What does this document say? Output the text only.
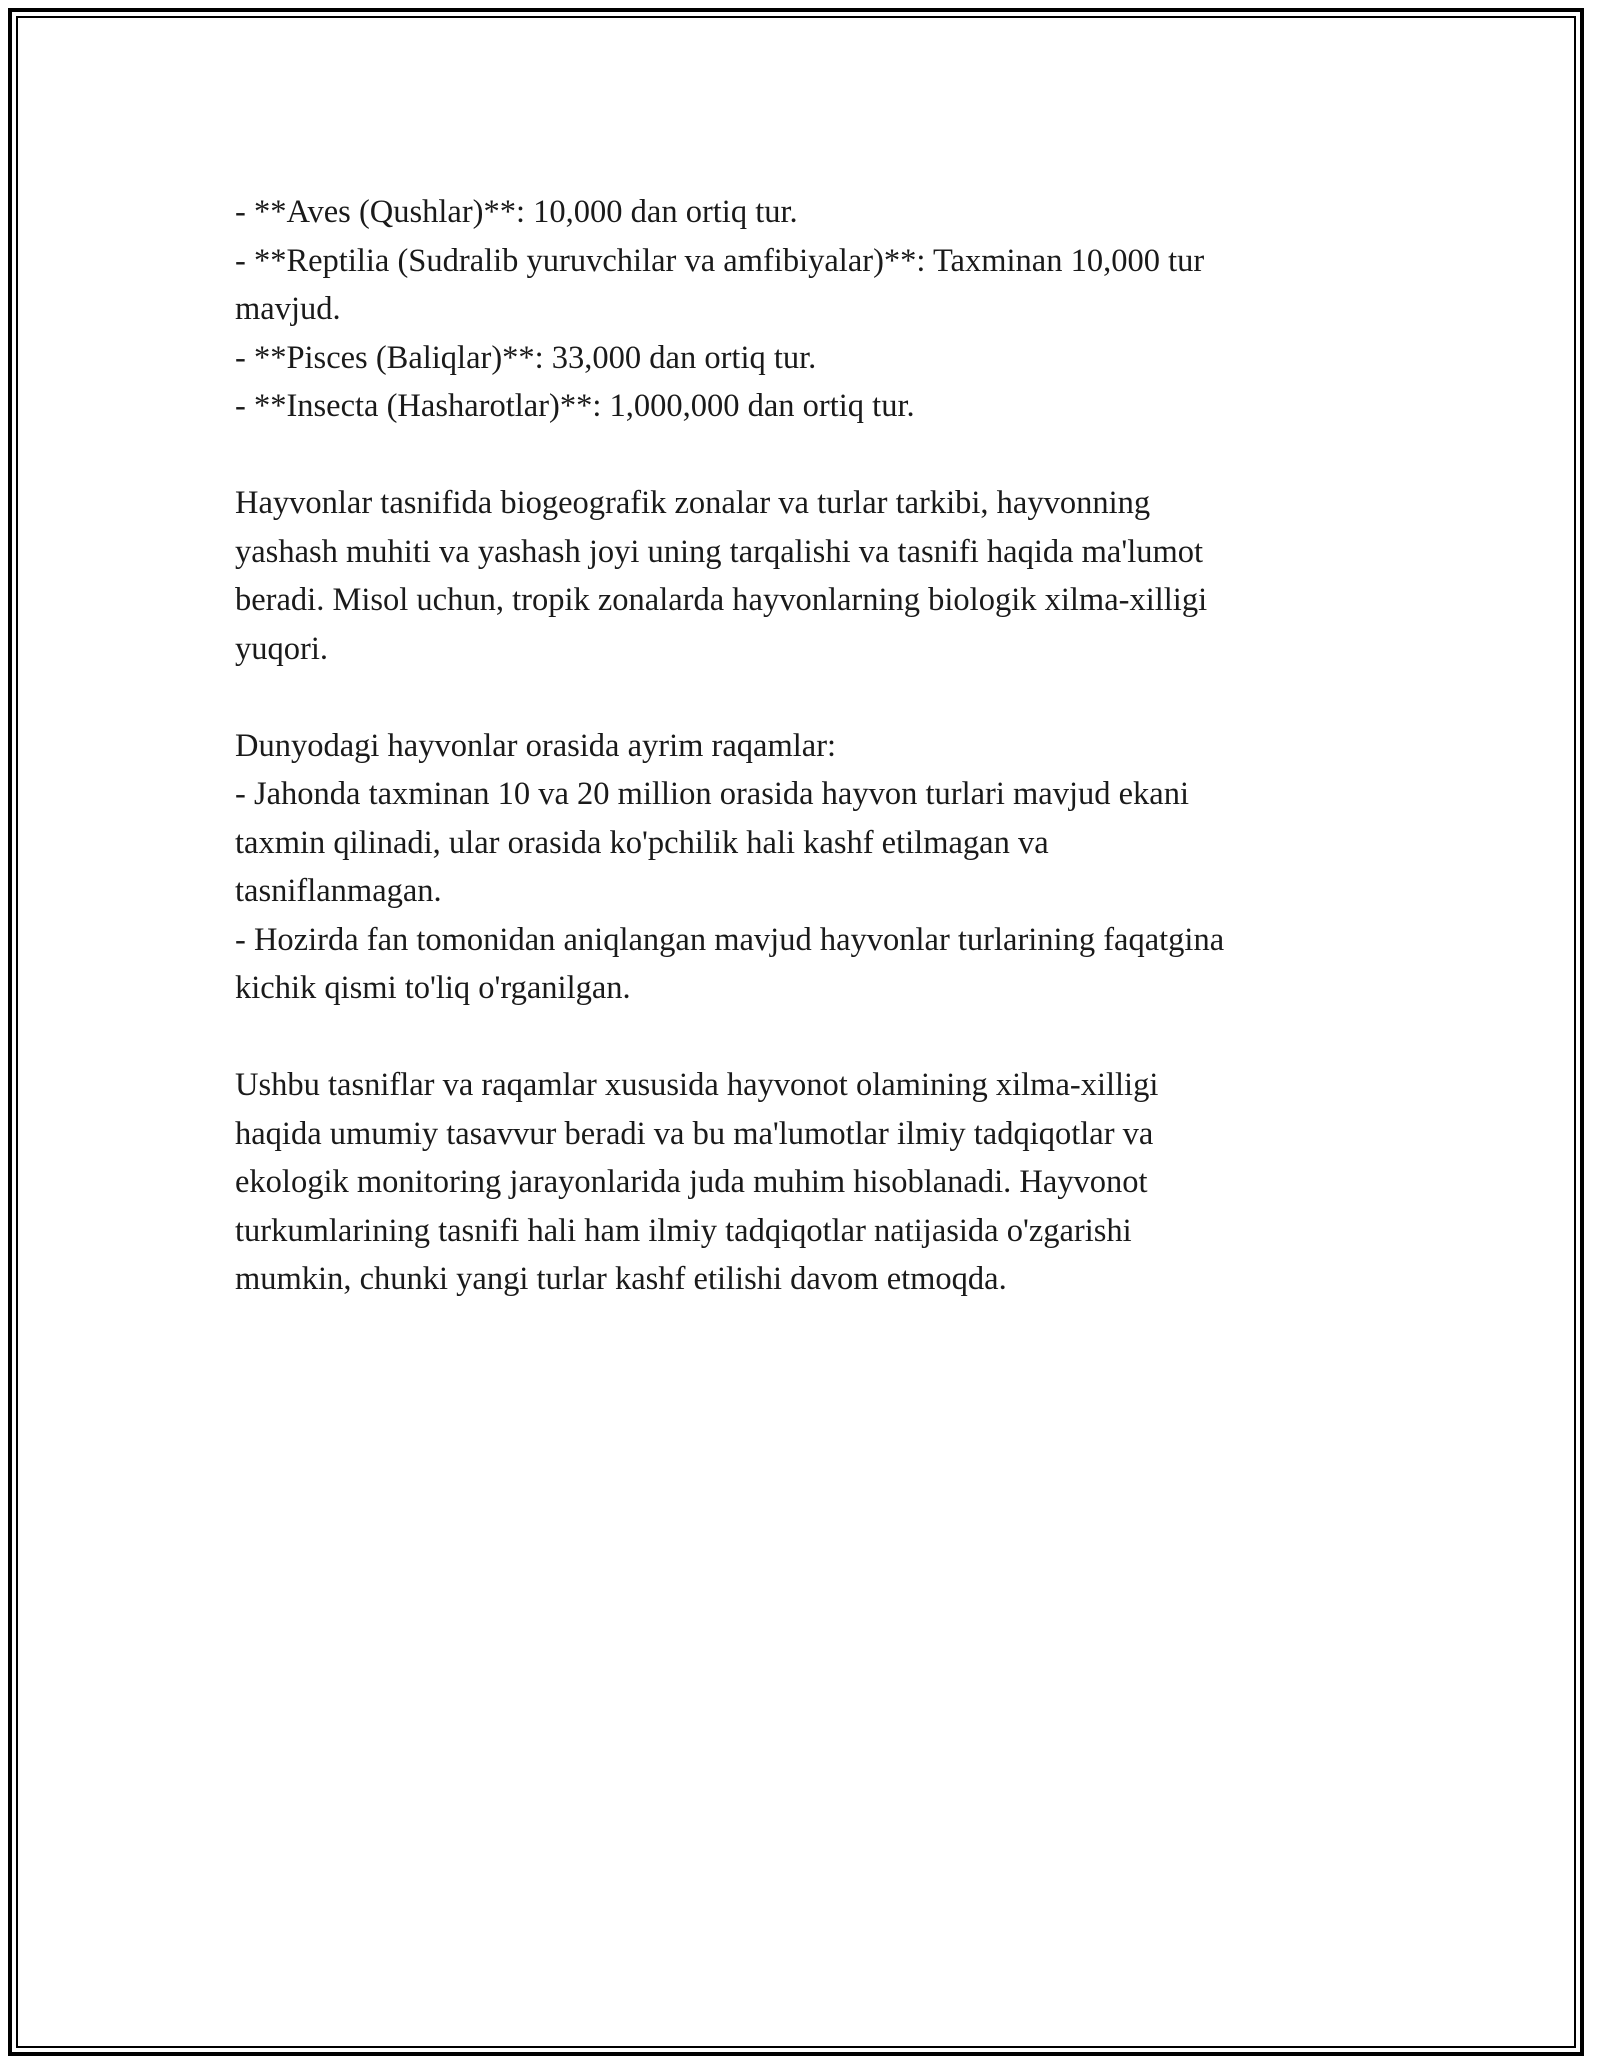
- **Aves (Qushlar)**: 10,000 dan ortiq tur.
- **Reptilia (Sudralib yuruvchilar va amfibiyalar)**: Taxminan 10,000 tur
mavjud.
- **Pisces (Baliqlar)**: 33,000 dan ortiq tur.
- **Insecta (Hasharotlar)**: 1,000,000 dan ortiq tur.
Hayvonlar tasnifida biogeografik zonalar va turlar tarkibi, hayvonning
yashash muhiti va yashash joyi uning tarqalishi va tasnifi haqida ma'lumot
beradi. Misol uchun, tropik zonalarda hayvonlarning biologik xilma-xilligi
yuqori.
Dunyodagi hayvonlar orasida ayrim raqamlar:
- Jahonda taxminan 10 va 20 million orasida hayvon turlari mavjud ekani
taxmin qilinadi, ular orasida ko'pchilik hali kashf etilmagan va
tasniflanmagan.
- Hozirda fan tomonidan aniqlangan mavjud hayvonlar turlarining faqatgina
kichik qismi to'liq o'rganilgan.
Ushbu tasniflar va raqamlar xususida hayvonot olamining xilma-xilligi
haqida umumiy tasavvur beradi va bu ma'lumotlar ilmiy tadqiqotlar va
ekologik monitoring jarayonlarida juda muhim hisoblanadi. Hayvonot
turkumlarining tasnifi hali ham ilmiy tadqiqotlar natijasida o'zgarishi
mumkin, chunki yangi turlar kashf etilishi davom etmoqda.
